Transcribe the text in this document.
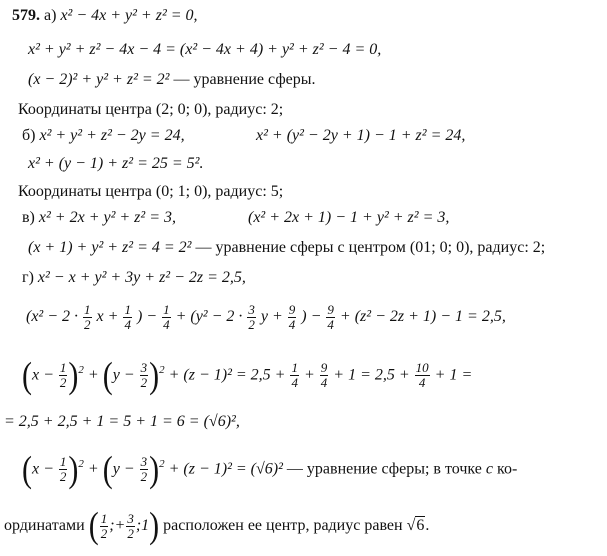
579. а) x² − 4x + y² + z² = 0,
x² + y² + z² − 4x − 4 = (x² − 4x + 4) + y² + z² − 4 = 0,
(x − 2)² + y² + z² = 2² — уравнение сферы.
Координаты центра (2; 0; 0), радиус: 2;
б) x² + y² + z² − 2y = 24,	x² + (y² − 2y + 1) − 1 + z² = 24,
x² + (y − 1) + z² = 25 = 5².
Координаты центра (0; 1; 0), радиус: 5;
в) x² + 2x + y² + z² = 3,	(x² + 2x + 1) − 1 + y² + z² = 3,
(x + 1) + y² + z² = 4 = 2² — уравнение сферы с центром (01; 0; 0), радиус: 2;
г) x² − x + y² + 3y + z² − 2z = 2,5,
($x^2 - 2 \cdot \frac{1}{2}$ $x + \frac{1}{4}$ ) − $\frac{1}{4} + (y^2 - 2 \cdot \frac{3}{2}$ $y + \frac{9}{4}$ ) − $\frac{9}{4} + (z^2 - 2z + 1) - 1 = 2,5$,
$(x - \frac{1}{2} )^2 + (y - \frac{3}{2} )^2 + (z - 1)^2 = 2,5 + \frac{1}{4} + \frac{9}{4} + 1 = 2,5 + \frac{10}{4} + 1$ =
= 2,5 + 2,5 + 1 = 5 + 1 = 6 = (√6)²,
$(x - \frac{1}{2} )^2 + (y - \frac{3}{2} )^2 + (z - 1)^2 = (√6)^2$ — уравнение сферы; в точке c ко-
ординатами ( $\frac{1}{2}$ ;+ $\frac{3}{2}$ ;1) расположен ее центр, радиус равен √6.
